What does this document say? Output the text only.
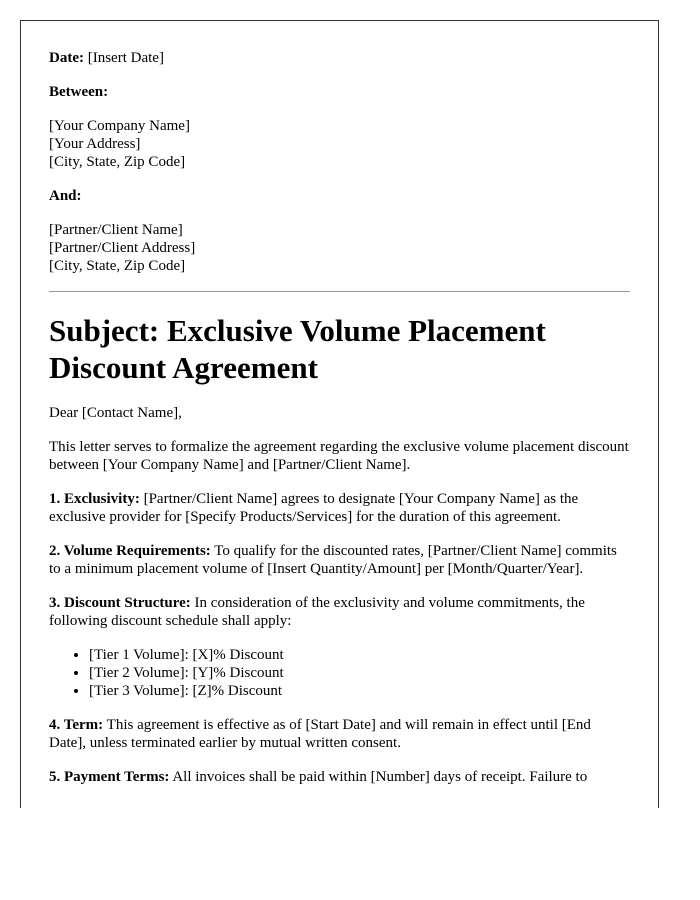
Date: [Insert Date]

Between:

[Your Company Name]
[Your Address]
[City, State, Zip Code]

And:

[Partner/Client Name]
[Partner/Client Address]
[City, State, Zip Code]

Subject: Exclusive Volume Placement Discount Agreement

Dear [Contact Name],

This letter serves to formalize the agreement regarding the exclusive volume placement discount between [Your Company Name] and [Partner/Client Name].

1. Exclusivity: [Partner/Client Name] agrees to designate [Your Company Name] as the exclusive provider for [Specify Products/Services] for the duration of this agreement.

2. Volume Requirements: To qualify for the discounted rates, [Partner/Client Name] commits to a minimum placement volume of [Insert Quantity/Amount] per [Month/Quarter/Year].

3. Discount Structure: In consideration of the exclusivity and volume commitments, the following discount schedule shall apply:

• [Tier 1 Volume]: [X]% Discount
• [Tier 2 Volume]: [Y]% Discount
• [Tier 3 Volume]: [Z]% Discount

4. Term: This agreement is effective as of [Start Date] and will remain in effect until [End Date], unless terminated earlier by mutual written consent.

5. Payment Terms: All invoices shall be paid within [Number] days of receipt. Failure to
